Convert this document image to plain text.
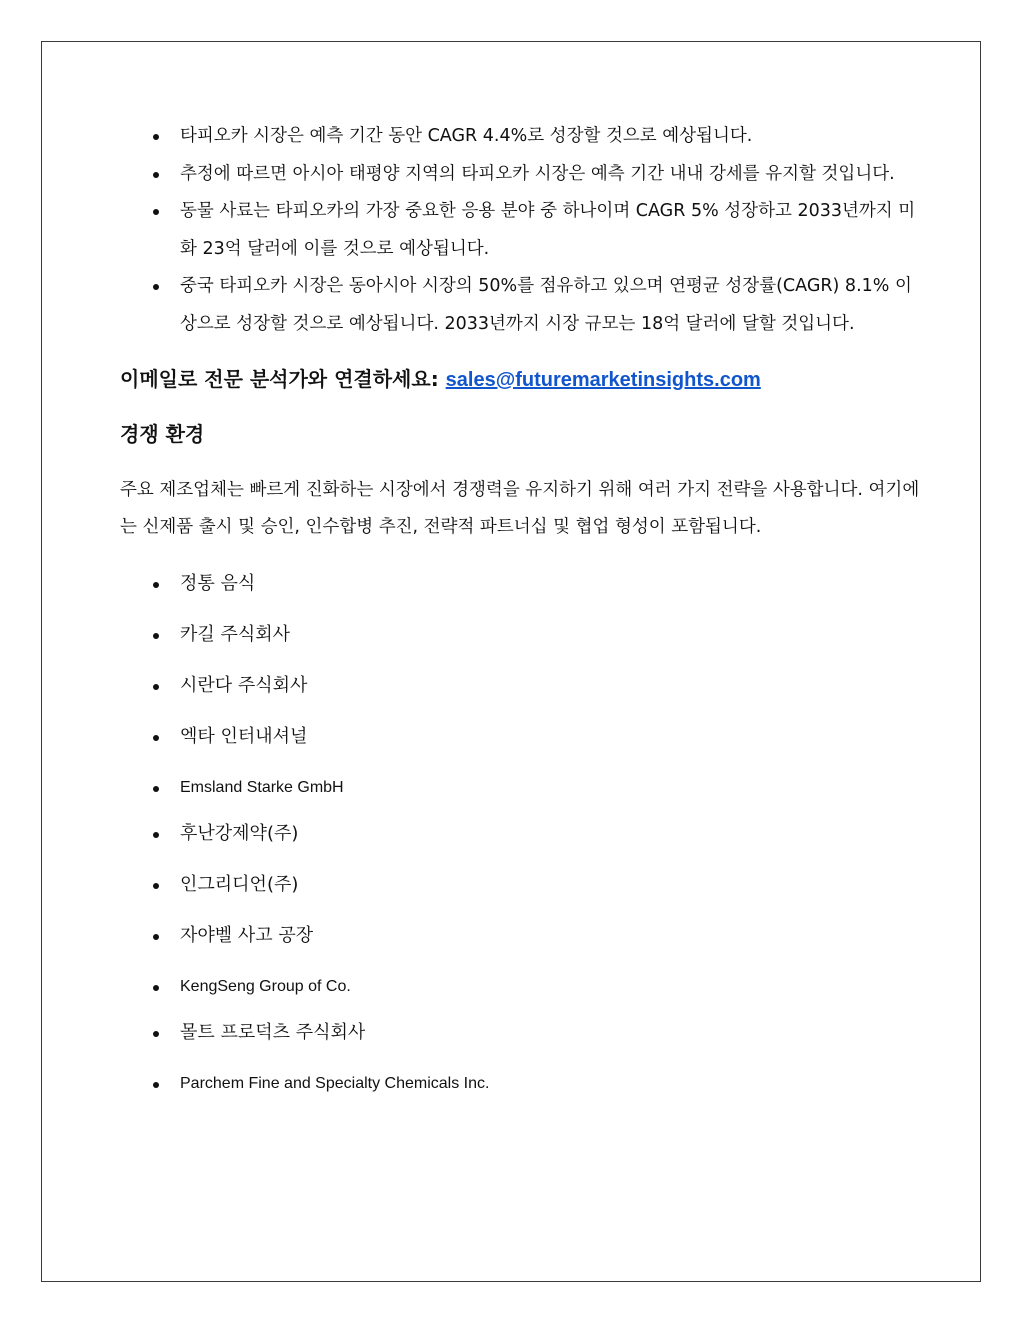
타피오카 시장은 예측 기간 동안 CAGR 4.4%로 성장할 것으로 예상됩니다.
추정에 따르면 아시아 태평양 지역의 타피오카 시장은 예측 기간 내내 강세를 유지할 것입니다.
동물 사료는 타피오카의 가장 중요한 응용 분야 중 하나이며 CAGR 5% 성장하고 2033년까지 미화 23억 달러에 이를 것으로 예상됩니다.
중국 타피오카 시장은 동아시아 시장의 50%를 점유하고 있으며 연평균 성장률(CAGR) 8.1% 이상으로 성장할 것으로 예상됩니다. 2033년까지 시장 규모는 18억 달러에 달할 것입니다.

이메일로 전문 분석가와 연결하세요: sales@futuremarketinsights.com

경쟁 환경

주요 제조업체는 빠르게 진화하는 시장에서 경쟁력을 유지하기 위해 여러 가지 전략을 사용합니다. 여기에는 신제품 출시 및 승인, 인수합병 추진, 전략적 파트너십 및 협업 형성이 포함됩니다.

정통 음식
카길 주식회사
시란다 주식회사
엑타 인터내셔널
Emsland Starke GmbH
후난강제약(주)
인그리디언(주)
자야벨 사고 공장
KengSeng Group of Co.
몰트 프로덕츠 주식회사
Parchem Fine and Specialty Chemicals Inc.
